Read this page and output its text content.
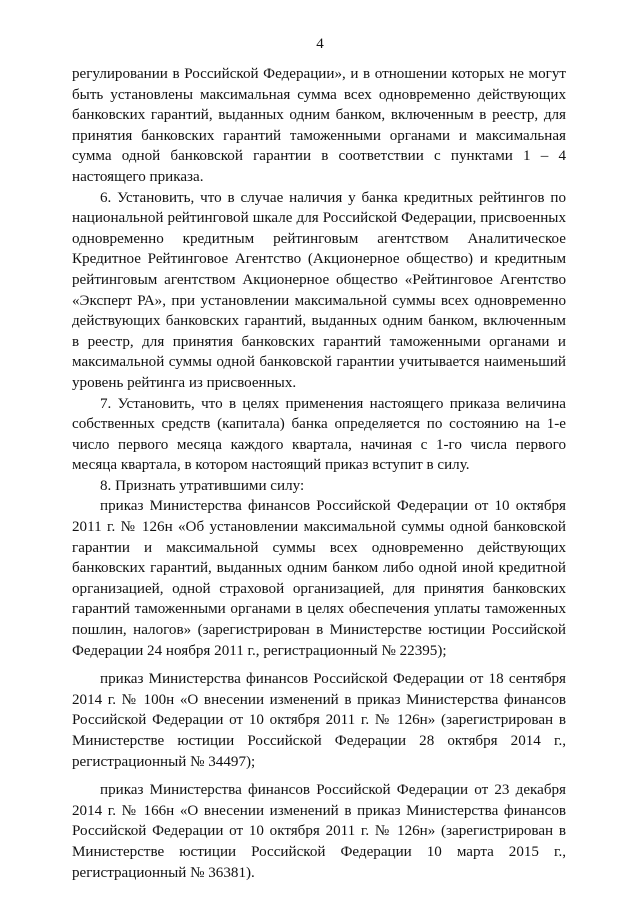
4

регулировании в Российской Федерации», и в отношении которых не могут быть установлены максимальная сумма всех одновременно действующих банковских гарантий, выданных одним банком, включенным в реестр, для принятия банковских гарантий таможенными органами и максимальная сумма одной банковской гарантии в соответствии с пунктами 1 – 4 настоящего приказа.

6. Установить, что в случае наличия у банка кредитных рейтингов по национальной рейтинговой шкале для Российской Федерации, присвоенных одновременно кредитным рейтинговым агентством Аналитическое Кредитное Рейтинговое Агентство (Акционерное общество) и кредитным рейтинговым агентством Акционерное общество «Рейтинговое Агентство «Эксперт РА», при установлении максимальной суммы всех одновременно действующих банковских гарантий, выданных одним банком, включенным в реестр, для принятия банковских гарантий таможенными органами и максимальной суммы одной банковской гарантии учитывается наименьший уровень рейтинга из присвоенных.

7. Установить, что в целях применения настоящего приказа величина собственных средств (капитала) банка определяется по состоянию на 1-е число первого месяца каждого квартала, начиная с 1-го числа первого месяца квартала, в котором настоящий приказ вступит в силу.

8. Признать утратившими силу:

приказ Министерства финансов Российской Федерации от 10 октября 2011 г. № 126н «Об установлении максимальной суммы одной банковской гарантии и максимальной суммы всех одновременно действующих банковских гарантий, выданных одним банком либо одной иной кредитной организацией, одной страховой организацией, для принятия банковских гарантий таможенными органами в целях обеспечения уплаты таможенных пошлин, налогов» (зарегистрирован в Министерстве юстиции Российской Федерации 24 ноября 2011 г., регистрационный № 22395);

приказ Министерства финансов Российской Федерации от 18 сентября 2014 г. № 100н «О внесении изменений в приказ Министерства финансов Российской Федерации от 10 октября 2011 г. № 126н» (зарегистрирован в Министерстве юстиции Российской Федерации 28 октября 2014 г., регистрационный № 34497);

приказ Министерства финансов Российской Федерации от 23 декабря 2014 г. № 166н «О внесении изменений в приказ Министерства финансов Российской Федерации от 10 октября 2011 г. № 126н» (зарегистрирован в Министерстве юстиции Российской Федерации 10 марта 2015 г., регистрационный № 36381).
